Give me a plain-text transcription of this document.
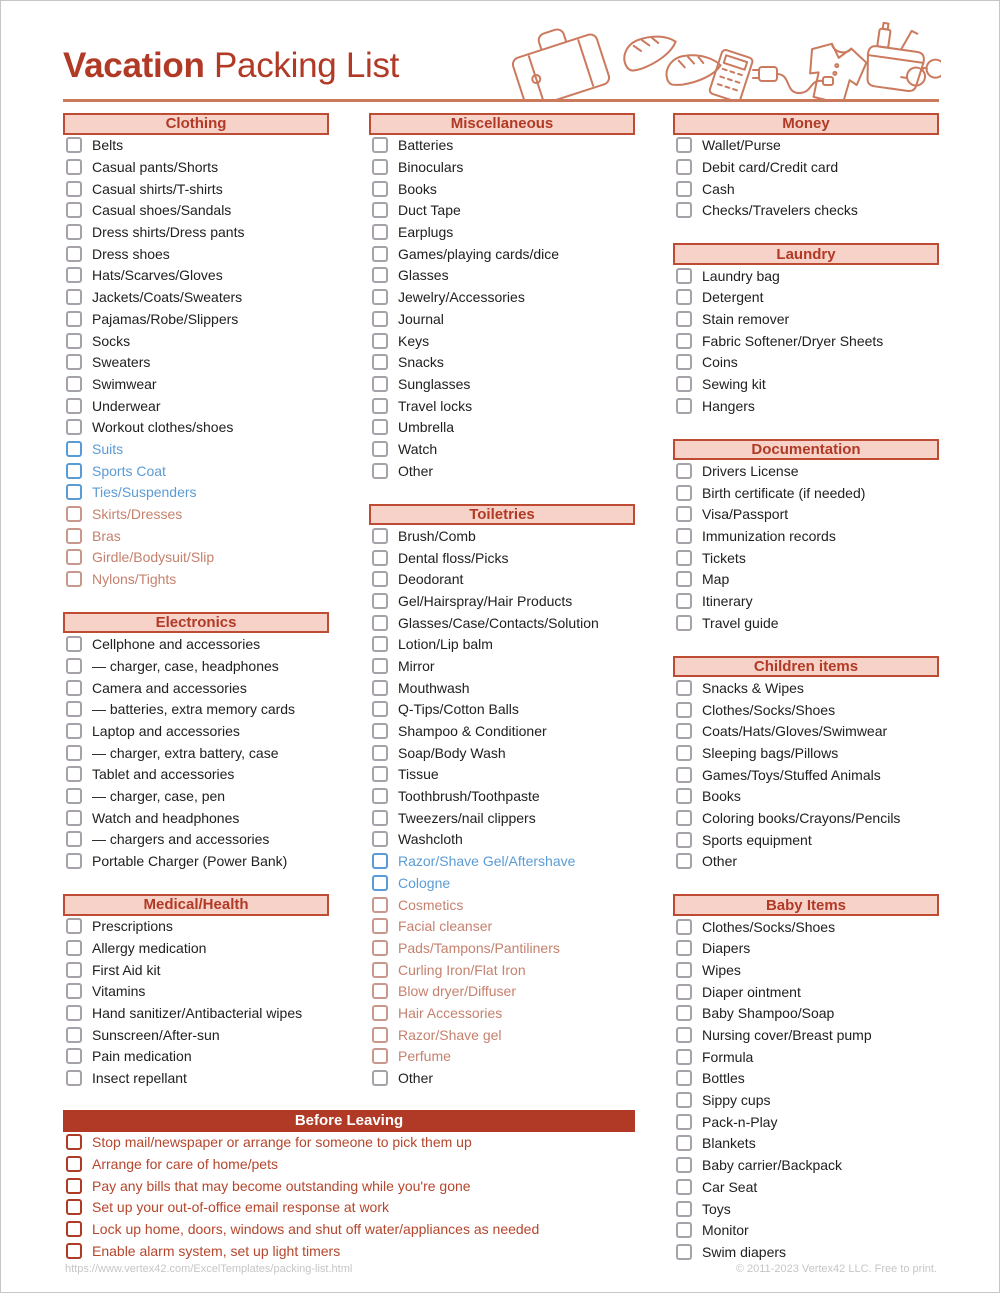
Vacation Packing List
Clothing
Belts
Casual pants/Shorts
Casual shirts/T-shirts
Casual shoes/Sandals
Dress shirts/Dress pants
Dress shoes
Hats/Scarves/Gloves
Jackets/Coats/Sweaters
Pajamas/Robe/Slippers
Socks
Sweaters
Swimwear
Underwear
Workout clothes/shoes
Suits
Sports Coat
Ties/Suspenders
Skirts/Dresses
Bras
Girdle/Bodysuit/Slip
Nylons/Tights
Electronics
Cellphone and accessories
— charger, case, headphones
Camera and accessories
— batteries, extra memory cards
Laptop and accessories
— charger, extra battery, case
Tablet and accessories
— charger, case, pen
Watch and headphones
— chargers and accessories
Portable Charger (Power Bank)
Medical/Health
Prescriptions
Allergy medication
First Aid kit
Vitamins
Hand sanitizer/Antibacterial wipes
Sunscreen/After-sun
Pain medication
Insect repellant
Miscellaneous
Batteries
Binoculars
Books
Duct Tape
Earplugs
Games/playing cards/dice
Glasses
Jewelry/Accessories
Journal
Keys
Snacks
Sunglasses
Travel locks
Umbrella
Watch
Other
Toiletries
Brush/Comb
Dental floss/Picks
Deodorant
Gel/Hairspray/Hair Products
Glasses/Case/Contacts/Solution
Lotion/Lip balm
Mirror
Mouthwash
Q-Tips/Cotton Balls
Shampoo & Conditioner
Soap/Body Wash
Tissue
Toothbrush/Toothpaste
Tweezers/nail clippers
Washcloth
Razor/Shave Gel/Aftershave
Cologne
Cosmetics
Facial cleanser
Pads/Tampons/Pantiliners
Curling Iron/Flat Iron
Blow dryer/Diffuser
Hair Accessories
Razor/Shave gel
Perfume
Other
Money
Wallet/Purse
Debit card/Credit card
Cash
Checks/Travelers checks
Laundry
Laundry bag
Detergent
Stain remover
Fabric Softener/Dryer Sheets
Coins
Sewing kit
Hangers
Documentation
Drivers License
Birth certificate (if needed)
Visa/Passport
Immunization records
Tickets
Map
Itinerary
Travel guide
Children items
Snacks & Wipes
Clothes/Socks/Shoes
Coats/Hats/Gloves/Swimwear
Sleeping bags/Pillows
Games/Toys/Stuffed Animals
Books
Coloring books/Crayons/Pencils
Sports equipment
Other
Baby Items
Clothes/Socks/Shoes
Diapers
Wipes
Diaper ointment
Baby Shampoo/Soap
Nursing cover/Breast pump
Formula
Bottles
Sippy cups
Pack-n-Play
Blankets
Baby carrier/Backpack
Car Seat
Toys
Monitor
Swim diapers
Before Leaving
Stop mail/newspaper or arrange for someone to pick them up
Arrange for care of home/pets
Pay any bills that may become outstanding while you're gone
Set up your out-of-office email response at work
Lock up home, doors, windows and shut off water/appliances as needed
Enable alarm system, set up light timers
https://www.vertex42.com/ExcelTemplates/packing-list.html	© 2011-2023 Vertex42 LLC. Free to print.
